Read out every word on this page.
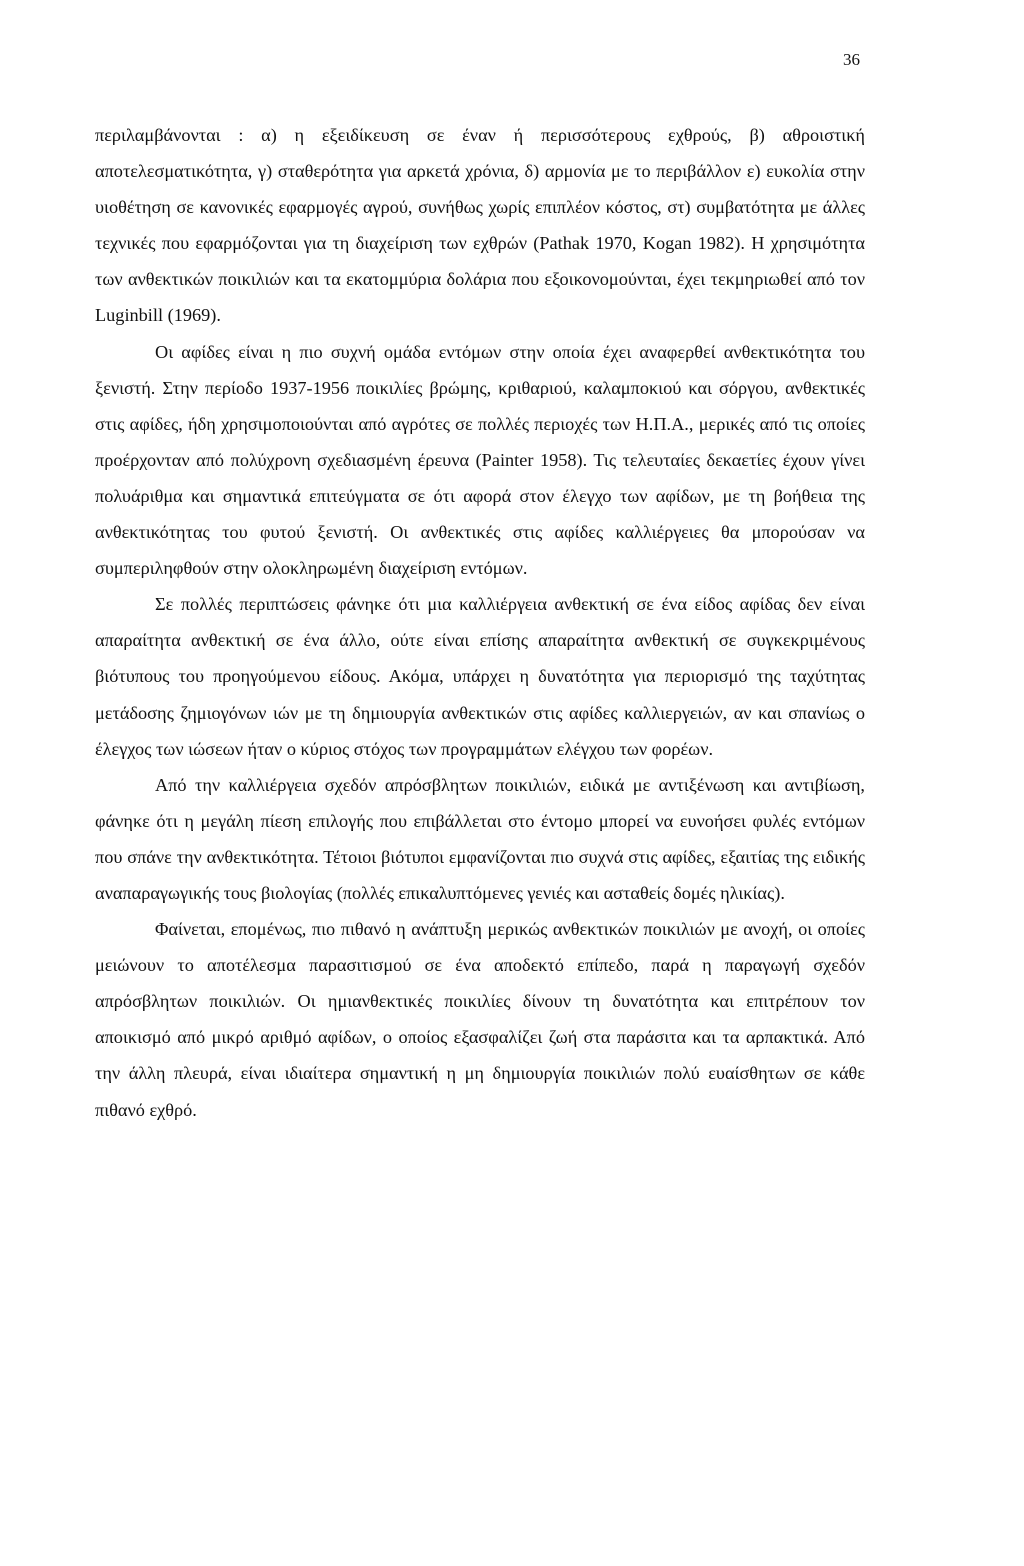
36

περιλαμβάνονται : α) η εξειδίκευση σε έναν ή περισσότερους εχθρούς, β) αθροιστική αποτελεσματικότητα, γ) σταθερότητα για αρκετά χρόνια, δ) αρμονία με το περιβάλλον ε) ευκολία στην υιοθέτηση σε κανονικές εφαρμογές αγρού, συνήθως χωρίς επιπλέον κόστος, στ) συμβατότητα με άλλες τεχνικές που εφαρμόζονται για τη διαχείριση των εχθρών (Pathak 1970, Kogan 1982). Η χρησιμότητα των ανθεκτικών ποικιλιών και τα εκατομμύρια δολάρια που εξοικονομούνται, έχει τεκμηριωθεί από τον Luginbill (1969).

Οι αφίδες είναι η πιο συχνή ομάδα εντόμων στην οποία έχει αναφερθεί ανθεκτικότητα του ξενιστή. Στην περίοδο 1937-1956 ποικιλίες βρώμης, κριθαριού, καλαμποκιού και σόργου, ανθεκτικές στις αφίδες, ήδη χρησιμοποιούνται από αγρότες σε πολλές περιοχές των Η.Π.Α., μερικές από τις οποίες προέρχονταν από πολύχρονη σχεδιασμένη έρευνα (Painter 1958). Τις τελευταίες δεκαετίες έχουν γίνει πολυάριθμα και σημαντικά επιτεύγματα σε ότι αφορά στον έλεγχο των αφίδων, με τη βοήθεια της ανθεκτικότητας του φυτού ξενιστή. Οι ανθεκτικές στις αφίδες καλλιέργειες θα μπορούσαν να συμπεριληφθούν στην ολοκληρωμένη διαχείριση εντόμων.

Σε πολλές περιπτώσεις φάνηκε ότι μια καλλιέργεια ανθεκτική σε ένα είδος αφίδας δεν είναι απαραίτητα ανθεκτική σε ένα άλλο, ούτε είναι επίσης απαραίτητα ανθεκτική σε συγκεκριμένους βιότυπους του προηγούμενου είδους. Ακόμα, υπάρχει η δυνατότητα για περιορισμό της ταχύτητας μετάδοσης ζημιογόνων ιών με τη δημιουργία ανθεκτικών στις αφίδες καλλιεργειών, αν και σπανίως ο έλεγχος των ιώσεων ήταν ο κύριος στόχος των προγραμμάτων ελέγχου των φορέων.

Από την καλλιέργεια σχεδόν απρόσβλητων ποικιλιών, ειδικά με αντιξένωση και αντιβίωση, φάνηκε ότι η μεγάλη πίεση επιλογής που επιβάλλεται στο έντομο μπορεί να ευνοήσει φυλές εντόμων που σπάνε την ανθεκτικότητα. Τέτοιοι βιότυποι εμφανίζονται πιο συχνά στις αφίδες, εξαιτίας της ειδικής αναπαραγωγικής τους βιολογίας (πολλές επικαλυπτόμενες γενιές και ασταθείς δομές ηλικίας).

Φαίνεται, επομένως, πιο πιθανό η ανάπτυξη μερικώς ανθεκτικών ποικιλιών με ανοχή, οι οποίες μειώνουν το αποτέλεσμα παρασιτισμού σε ένα αποδεκτό επίπεδο, παρά η παραγωγή σχεδόν απρόσβλητων ποικιλιών. Οι ημιανθεκτικές ποικιλίες δίνουν τη δυνατότητα και επιτρέπουν τον αποικισμό από μικρό αριθμό αφίδων, ο οποίος εξασφαλίζει ζωή στα παράσιτα και τα αρπακτικά. Από την άλλη πλευρά, είναι ιδιαίτερα σημαντική η μη δημιουργία ποικιλιών πολύ ευαίσθητων σε κάθε πιθανό εχθρό.
